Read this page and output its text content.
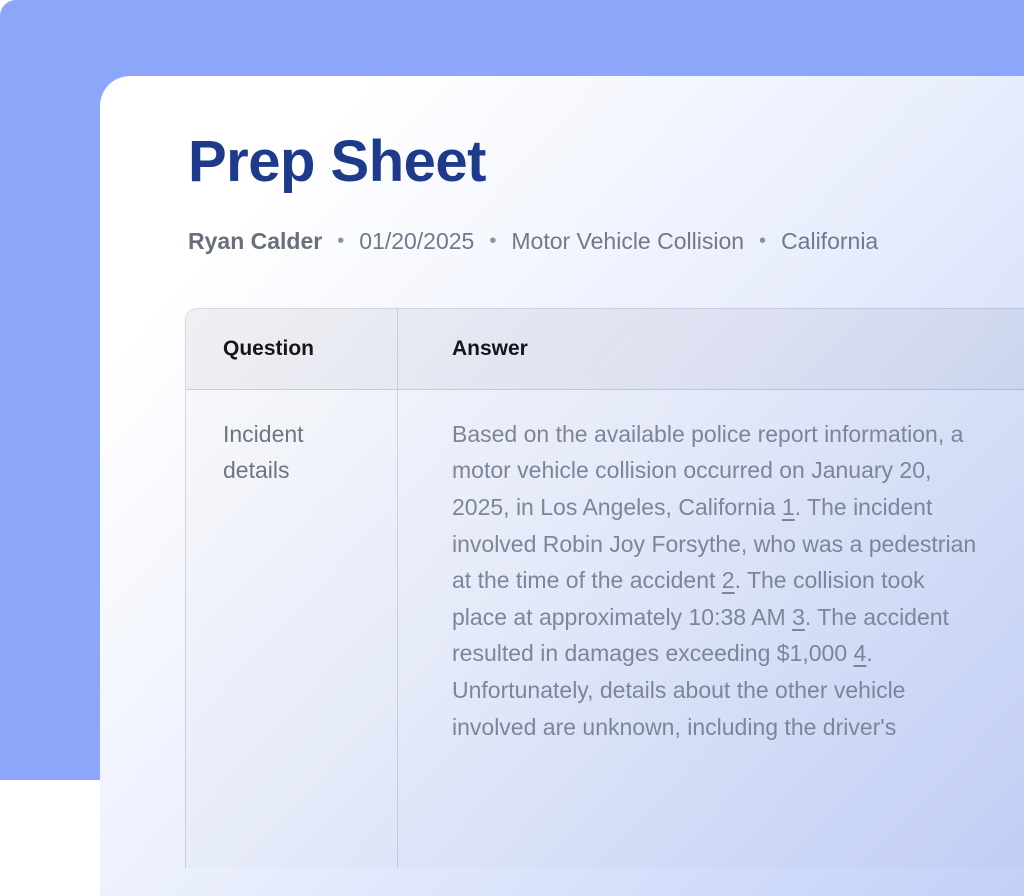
Prep Sheet
Ryan Calder • 01/20/2025 • Motor Vehicle Collision • California
Question	Answer
Incident details
Based on the available police report information, a
motor vehicle collision occurred on January 20,
2025, in Los Angeles, California 1. The incident
involved Robin Joy Forsythe, who was a pedestrian
at the time of the accident 2. The collision took
place at approximately 10:38 AM 3. The accident
resulted in damages exceeding $1,000 4.
Unfortunately, details about the other vehicle
involved are unknown, including the driver's
